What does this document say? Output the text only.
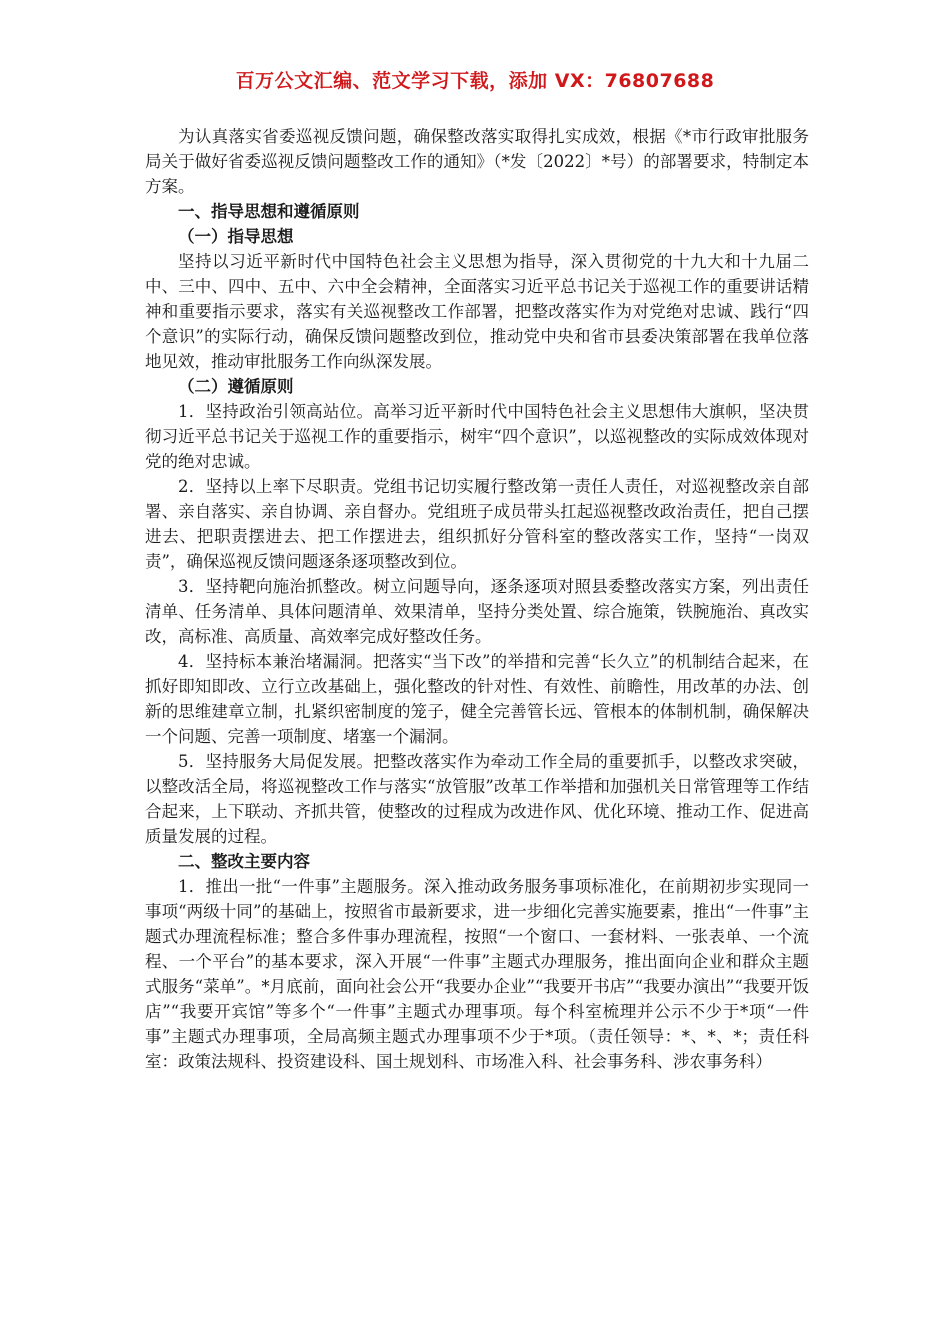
百万公文汇编、范文学习下载，添加 VX：76807688

为认真落实省委巡视反馈问题，确保整改落实取得扎实成效，根据《*市行政审批服务局关于做好省委巡视反馈问题整改工作的通知》（*发〔2022〕*号）的部署要求，特制定本方案。

一、指导思想和遵循原则

（一）指导思想

坚持以习近平新时代中国特色社会主义思想为指导，深入贯彻党的十九大和十九届二中、三中、四中、五中、六中全会精神，全面落实习近平总书记关于巡视工作的重要讲话精神和重要指示要求，落实有关巡视整改工作部署，把整改落实作为对党绝对忠诚、践行“四个意识”的实际行动，确保反馈问题整改到位，推动党中央和省市县委决策部署在我单位落地见效，推动审批服务工作向纵深发展。

（二）遵循原则

1．坚持政治引领高站位。高举习近平新时代中国特色社会主义思想伟大旗帜，坚决贯彻习近平总书记关于巡视工作的重要指示，树牢“四个意识”，以巡视整改的实际成效体现对党的绝对忠诚。

2．坚持以上率下尽职责。党组书记切实履行整改第一责任人责任，对巡视整改亲自部署、亲自落实、亲自协调、亲自督办。党组班子成员带头扛起巡视整改政治责任，把自己摆进去、把职责摆进去、把工作摆进去，组织抓好分管科室的整改落实工作，坚持“一岗双责”，确保巡视反馈问题逐条逐项整改到位。

3．坚持靶向施治抓整改。树立问题导向，逐条逐项对照县委整改落实方案，列出责任清单、任务清单、具体问题清单、效果清单，坚持分类处置、综合施策，铁腕施治、真改实改，高标准、高质量、高效率完成好整改任务。

4．坚持标本兼治堵漏洞。把落实“当下改”的举措和完善“长久立”的机制结合起来，在抓好即知即改、立行立改基础上，强化整改的针对性、有效性、前瞻性，用改革的办法、创新的思维建章立制，扎紧织密制度的笼子，健全完善管长远、管根本的体制机制，确保解决一个问题、完善一项制度、堵塞一个漏洞。

5．坚持服务大局促发展。把整改落实作为牵动工作全局的重要抓手，以整改求突破，以整改活全局，将巡视整改工作与落实“放管服”改革工作举措和加强机关日常管理等工作结合起来，上下联动、齐抓共管，使整改的过程成为改进作风、优化环境、推动工作、促进高质量发展的过程。

二、整改主要内容

1．推出一批“一件事”主题服务。深入推动政务服务事项标准化，在前期初步实现同一事项“两级十同”的基础上，按照省市最新要求，进一步细化完善实施要素，推出“一件事”主题式办理流程标准；整合多件事办理流程，按照“一个窗口、一套材料、一张表单、一个流程、一个平台”的基本要求，深入开展“一件事”主题式办理服务，推出面向企业和群众主题式服务“菜单”。*月底前，面向社会公开“我要办企业”“我要开书店”“我要办演出”“我要开饭店”“我要开宾馆”等多个“一件事”主题式办理事项。每个科室梳理并公示不少于*项“一件事”主题式办理事项，全局高频主题式办理事项不少于*项。（责任领导：*、*、*；责任科室：政策法规科、投资建设科、国土规划科、市场准入科、社会事务科、涉农事务科）
